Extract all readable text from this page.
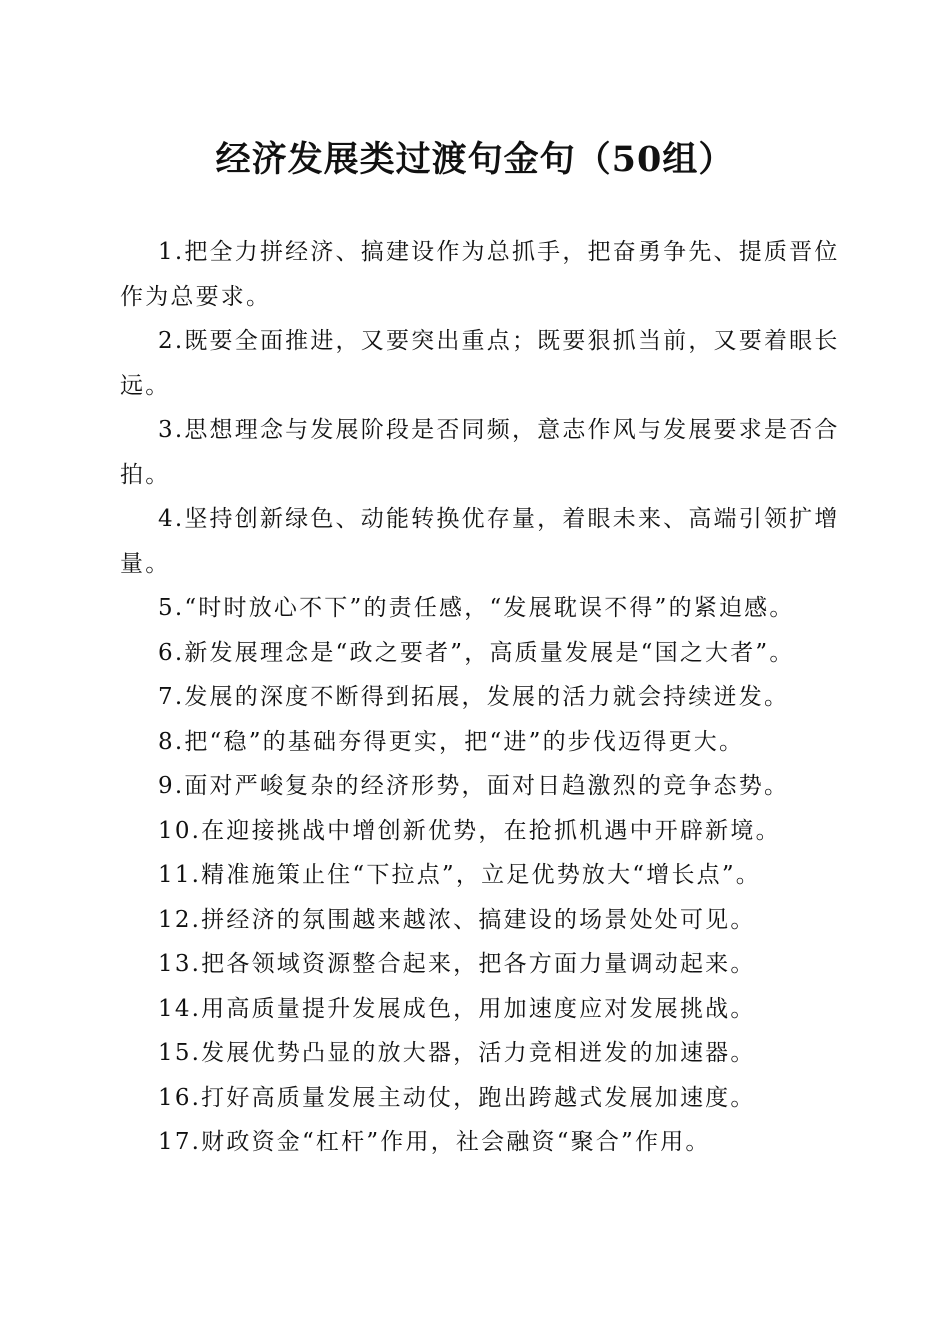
经济发展类过渡句金句（50组）

1.把全力拼经济、搞建设作为总抓手，把奋勇争先、提质晋位作为总要求。

2.既要全面推进，又要突出重点；既要狠抓当前，又要着眼长远。

3.思想理念与发展阶段是否同频，意志作风与发展要求是否合拍。

4.坚持创新绿色、动能转换优存量，着眼未来、高端引领扩增量。

5.“时时放心不下”的责任感，“发展耽误不得”的紧迫感。

6.新发展理念是“政之要者”，高质量发展是“国之大者”。

7.发展的深度不断得到拓展，发展的活力就会持续迸发。

8.把“稳”的基础夯得更实，把“进”的步伐迈得更大。

9.面对严峻复杂的经济形势，面对日趋激烈的竞争态势。

10.在迎接挑战中增创新优势，在抢抓机遇中开辟新境。

11.精准施策止住“下拉点”，立足优势放大“增长点”。

12.拼经济的氛围越来越浓、搞建设的场景处处可见。

13.把各领域资源整合起来，把各方面力量调动起来。

14.用高质量提升发展成色，用加速度应对发展挑战。

15.发展优势凸显的放大器，活力竞相迸发的加速器。

16.打好高质量发展主动仗，跑出跨越式发展加速度。

17.财政资金“杠杆”作用，社会融资“聚合”作用。
